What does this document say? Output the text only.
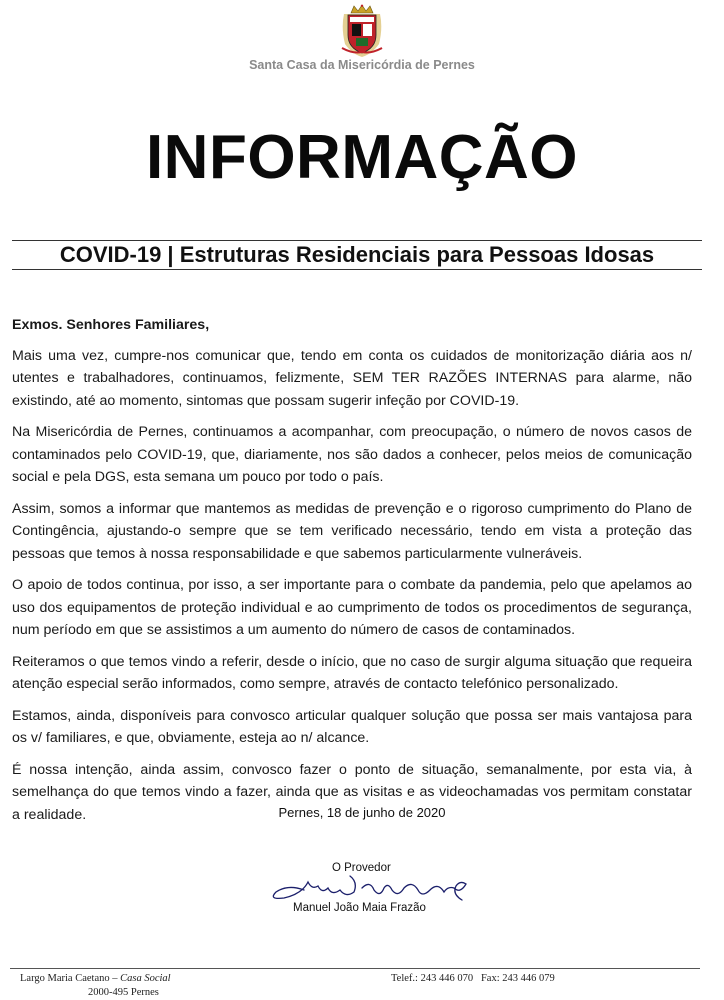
Santa Casa da Misericórdia de Pernes
INFORMAÇÃO
COVID-19 | Estruturas Residenciais para Pessoas Idosas
Exmos. Senhores Familiares,

Mais uma vez, cumpre-nos comunicar que, tendo em conta os cuidados de monitorização diária aos n/ utentes e trabalhadores, continuamos, felizmente, SEM TER RAZÕES INTERNAS para alarme, não existindo, até ao momento, sintomas que possam sugerir infeção por COVID-19.

Na Misericórdia de Pernes, continuamos a acompanhar, com preocupação, o número de novos casos de contaminados pelo COVID-19, que, diariamente, nos são dados a conhecer, pelos meios de comunicação social e pela DGS, esta semana um pouco por todo o país.

Assim, somos a informar que mantemos as medidas de prevenção e o rigoroso cumprimento do Plano de Contingência, ajustando-o sempre que se tem verificado necessário, tendo em vista a proteção das pessoas que temos à nossa responsabilidade e que sabemos particularmente vulneráveis.

O apoio de todos continua, por isso, a ser importante para o combate da pandemia, pelo que apelamos ao uso dos equipamentos de proteção individual e ao cumprimento de todos os procedimentos de segurança, num período em que se assistimos a um aumento do número de casos de contaminados.

Reiteramos o que temos vindo a referir, desde o início, que no caso de surgir alguma situação que requeira atenção especial serão informados, como sempre, através de contacto telefónico personalizado.

Estamos, ainda, disponíveis para convosco articular qualquer solução que possa ser mais vantajosa para os v/ familiares, e que, obviamente, esteja ao n/ alcance.

É nossa intenção, ainda assim, convosco fazer o ponto de situação, semanalmente, por esta via, à semelhança do que temos vindo a fazer, ainda que as visitas e as videochamadas vos permitam constatar a realidade.	Pernes, 18 de junho de 2020
O Provedor
Manuel João Maia Frazão
Largo Maria Caetano – Casa Social
2000-495 Pernes
Telef.: 243 446 070   Fax: 243 446 079
